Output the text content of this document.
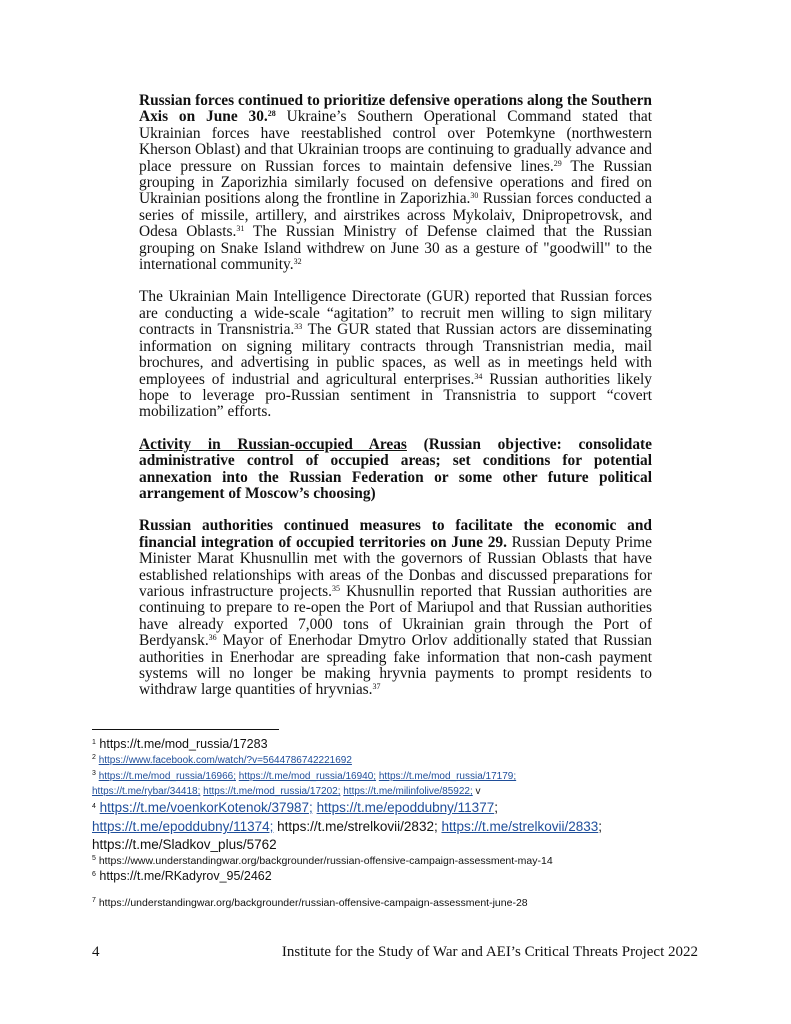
Russian forces continued to prioritize defensive operations along the Southern Axis on June 30.28 Ukraine’s Southern Operational Command stated that Ukrainian forces have reestablished control over Potemkyne (northwestern Kherson Oblast) and that Ukrainian troops are continuing to gradually advance and place pressure on Russian forces to maintain defensive lines.$^{29}$ The Russian grouping in Zaporizhia similarly focused on defensive operations and fired on Ukrainian positions along the frontline in Zaporizhia.$^{30}$ Russian forces conducted a series of missile, artillery, and airstrikes across Mykolaiv, Dnipropetrovsk, and Odesa Oblasts.$^{31}$ The Russian Ministry of Defense claimed that the Russian grouping on Snake Island withdrew on June 30 as a gesture of "goodwill" to the international community.$^{32}$

The Ukrainian Main Intelligence Directorate (GUR) reported that Russian forces are conducting a wide-scale “agitation” to recruit men willing to sign military contracts in Transnistria.$^{33}$ The GUR stated that Russian actors are disseminating information on signing military contracts through Transnistrian media, mail brochures, and advertising in public spaces, as well as in meetings held with employees of industrial and agricultural enterprises.$^{34}$ Russian authorities likely hope to leverage pro-Russian sentiment in Transnistria to support “covert mobilization” efforts.

Activity in Russian-occupied Areas (Russian objective: consolidate administrative control of occupied areas; set conditions for potential annexation into the Russian Federation or some other future political arrangement of Moscow’s choosing)

Russian authorities continued measures to facilitate the economic and financial integration of occupied territories on June 29. Russian Deputy Prime Minister Marat Khusnullin met with the governors of Russian Oblasts that have established relationships with areas of the Donbas and discussed preparations for various infrastructure projects.$^{35}$ Khusnullin reported that Russian authorities are continuing to prepare to re-open the Port of Mariupol and that Russian authorities have already exported 7,000 tons of Ukrainian grain through the Port of Berdyansk.$^{36}$ Mayor of Enerhodar Dmytro Orlov additionally stated that Russian authorities in Enerhodar are spreading fake information that non-cash payment systems will no longer be making hryvnia payments to prompt residents to withdraw large quantities of hryvnias.$^{37}$

$^1$ https://t.me/mod_russia/17283
$^2$ https://www.facebook.com/watch/?v=5644786742221692
$^3$ https://t.me/mod_russia/16966; https://t.me/mod_russia/16940; https://t.me/mod_russia/17179;
https://t.me/rybar/34418; https://t.me/mod_russia/17202; https://t.me/milinfolive/85922; v
$^4$ https://t.me/voenkorKotenok/37987; https://t.me/epoddubny/11377;
https://t.me/epoddubny/11374; https://t.me/strelkovii/2832; https://t.me/strelkovii/2833;
https://t.me/Sladkov_plus/5762
$^5$ https://www.understandingwar.org/backgrounder/russian-offensive-campaign-assessment-may-14
$^6$ https://t.me/RKadyrov_95/2462
$^7$ https://understandingwar.org/backgrounder/russian-offensive-campaign-assessment-june-28
4	Institute for the Study of War and AEI’s Critical Threats Project 2022
